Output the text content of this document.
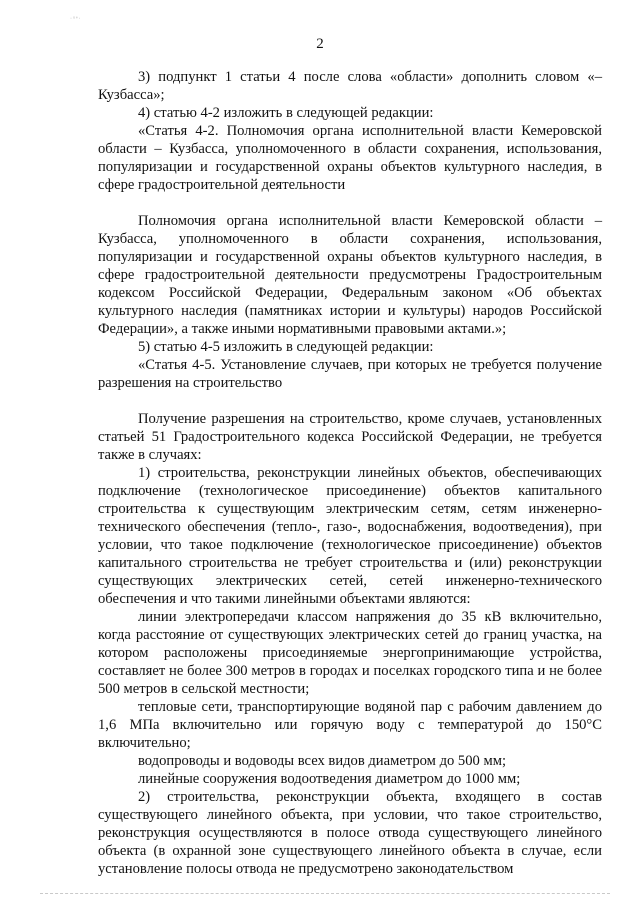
·ᵘᵉ·
2

3) подпункт 1 статьи 4 после слова «области» дополнить словом «– Кузбасса»;

4) статью 4-2 изложить в следующей редакции:

«Статья 4-2. Полномочия органа исполнительной власти Кемеровской области – Кузбасса, уполномоченного в области сохранения, использования, популяризации и государственной охраны объектов культурного наследия, в сфере градостроительной деятельности

Полномочия органа исполнительной власти Кемеровской области – Кузбасса, уполномоченного в области сохранения, использования, популяризации и государственной охраны объектов культурного наследия, в сфере градостроительной деятельности предусмотрены Градостроительным кодексом Российской Федерации, Федеральным законом «Об объектах культурного наследия (памятниках истории и культуры) народов Российской Федерации», а также иными нормативными правовыми актами.»;

5) статью 4-5 изложить в следующей редакции:

«Статья 4-5. Установление случаев, при которых не требуется получение разрешения на строительство

Получение разрешения на строительство, кроме случаев, установленных статьей 51 Градостроительного кодекса Российской Федерации, не требуется также в случаях:

1) строительства, реконструкции линейных объектов, обеспечивающих подключение (технологическое присоединение) объектов капитального строительства к существующим электрическим сетям, сетям инженерно-технического обеспечения (тепло-, газо-, водоснабжения, водоотведения), при условии, что такое подключение (технологическое присоединение) объектов капитального строительства не требует строительства и (или) реконструкции существующих электрических сетей, сетей инженерно-технического обеспечения и что такими линейными объектами являются:

линии электропередачи классом напряжения до 35 кВ включительно, когда расстояние от существующих электрических сетей до границ участка, на котором расположены присоединяемые энергопринимающие устройства, составляет не более 300 метров в городах и поселках городского типа и не более 500 метров в сельской местности;

тепловые сети, транспортирующие водяной пар с рабочим давлением до 1,6 МПа включительно или горячую воду с температурой до 150°C включительно;

водопроводы и водоводы всех видов диаметром до 500 мм;

линейные сооружения водоотведения диаметром до 1000 мм;

2) строительства, реконструкции объекта, входящего в состав существующего линейного объекта, при условии, что такое строительство, реконструкция осуществляются в полосе отвода существующего линейного объекта (в охранной зоне существующего линейного объекта в случае, если установление полосы отвода не предусмотрено законодательством
